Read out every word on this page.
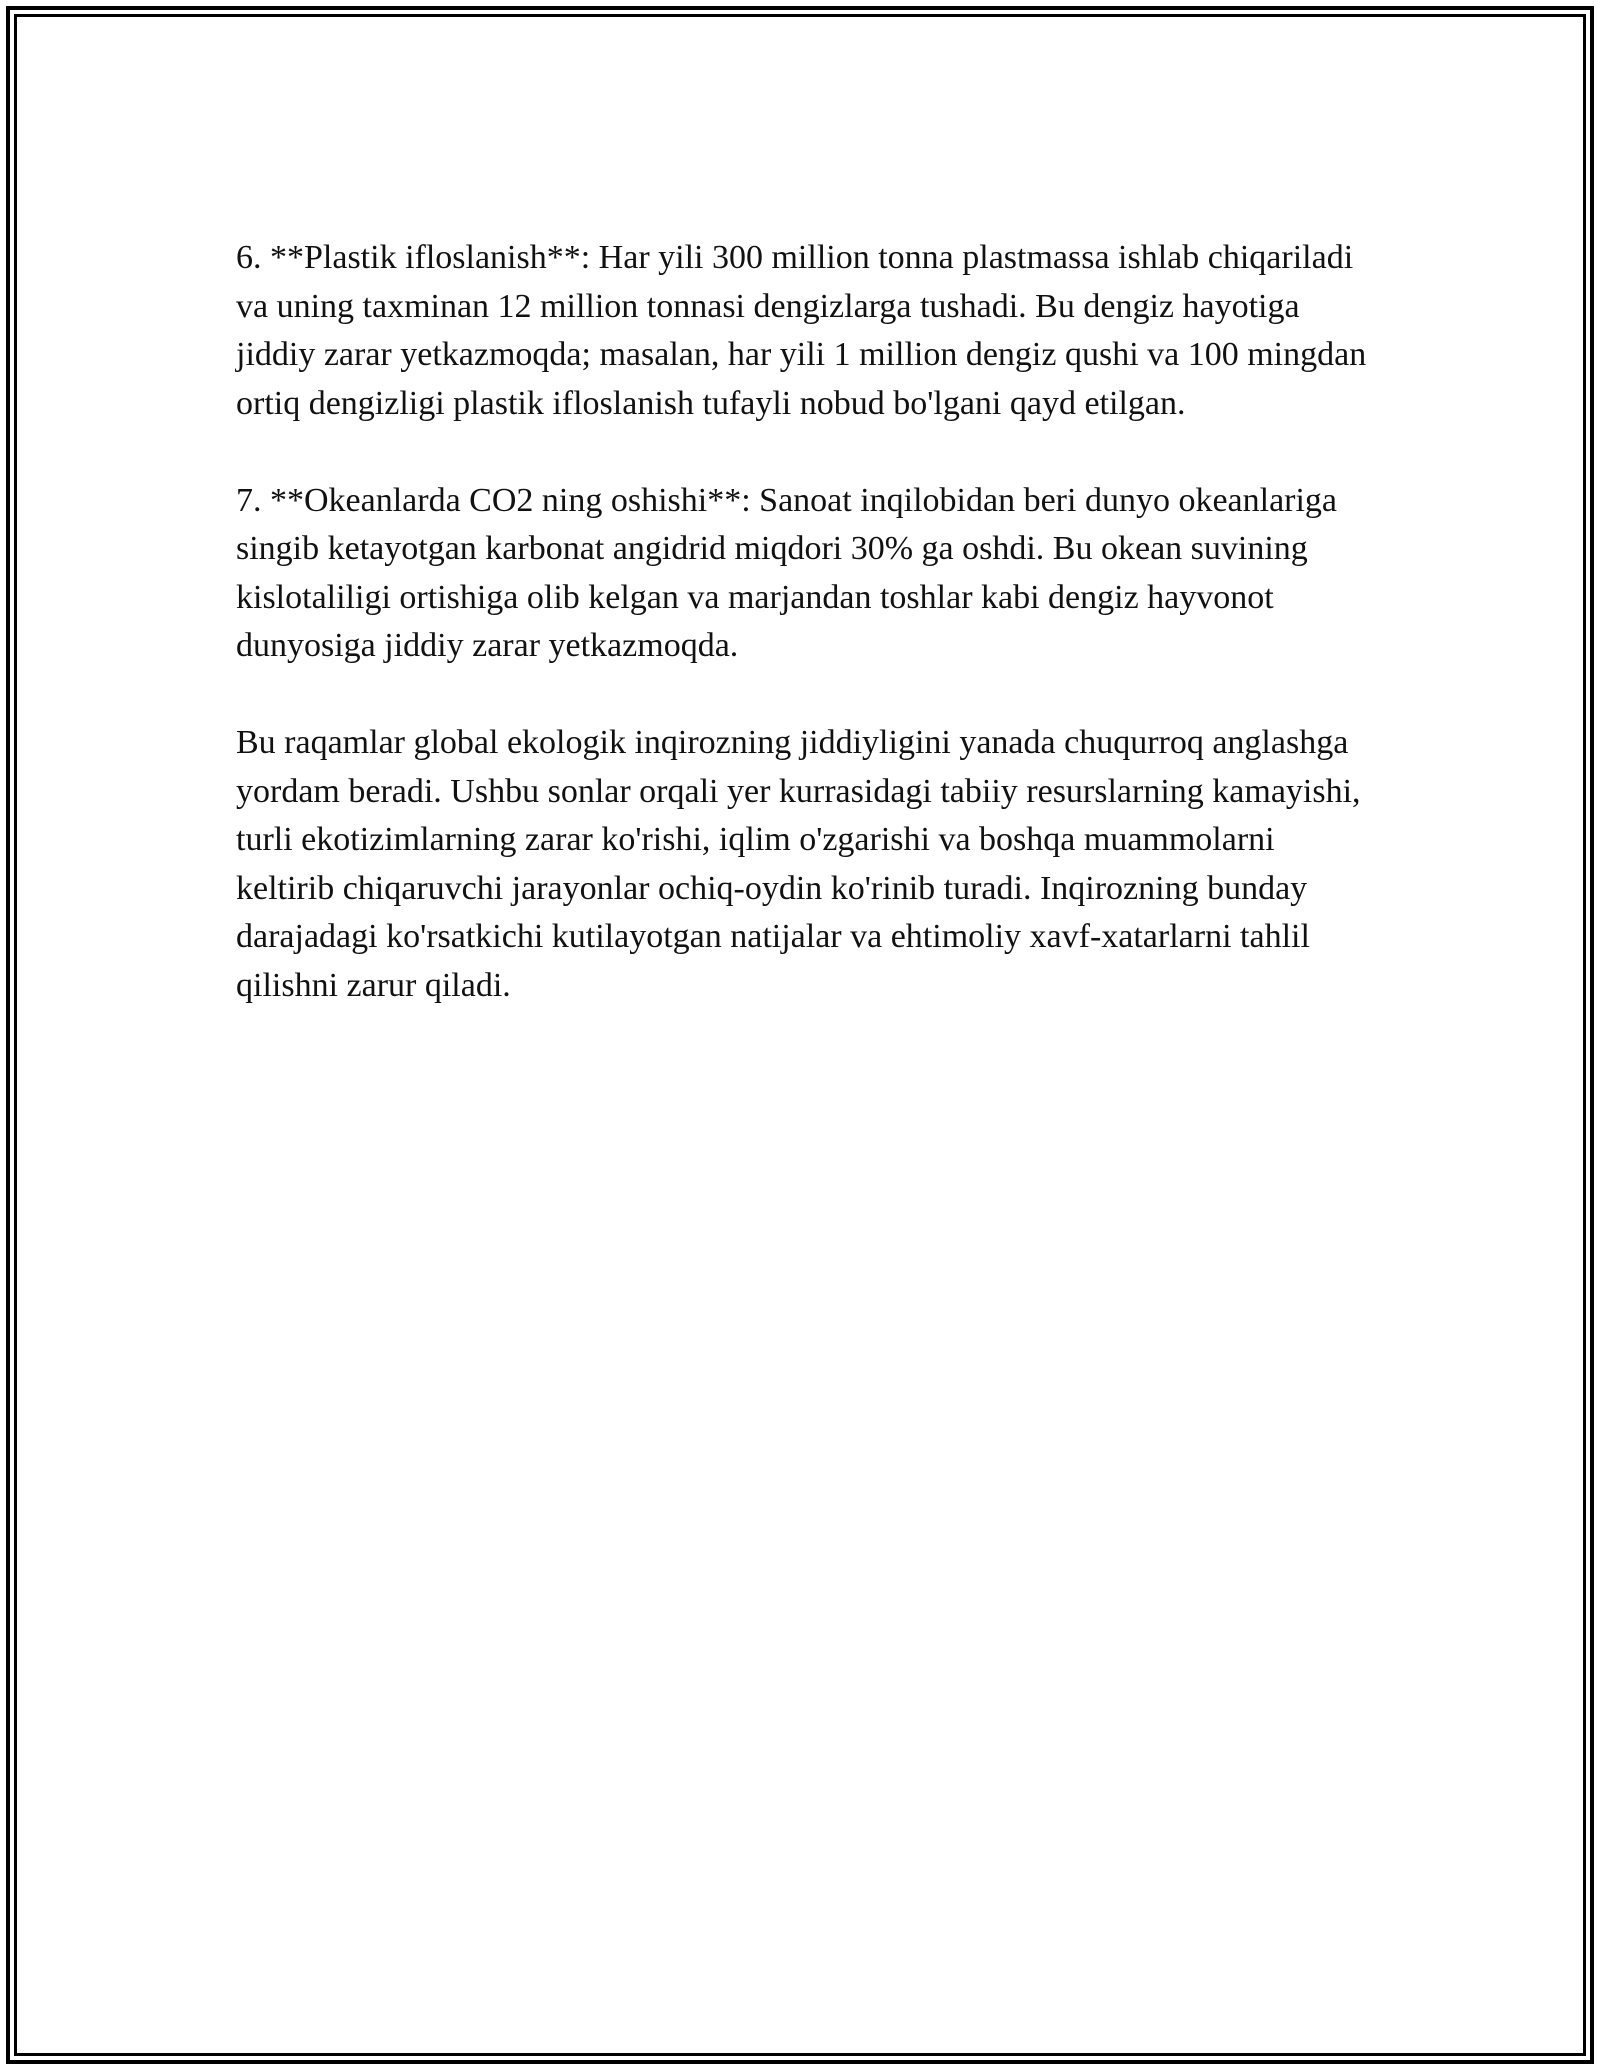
6. **Plastik ifloslanish**: Har yili 300 million tonna plastmassa ishlab chiqariladi va uning taxminan 12 million tonnasi dengizlarga tushadi. Bu dengiz hayotiga jiddiy zarar yetkazmoqda; masalan, har yili 1 million dengiz qushi va 100 mingdan ortiq dengizligi plastik ifloslanish tufayli nobud bo'lgani qayd etilgan.

7. **Okeanlarda CO2 ning oshishi**: Sanoat inqilobidan beri dunyo okeanlariga singib ketayotgan karbonat angidrid miqdori 30% ga oshdi. Bu okean suvining kislotaliligi ortishiga olib kelgan va marjandan toshlar kabi dengiz hayvonot dunyosiga jiddiy zarar yetkazmoqda.

Bu raqamlar global ekologik inqirozning jiddiyligini yanada chuqurroq anglashga yordam beradi. Ushbu sonlar orqali yer kurrasidagi tabiiy resurslarning kamayishi, turli ekotizimlarning zarar ko'rishi, iqlim o'zgarishi va boshqa muammolarni keltirib chiqaruvchi jarayonlar ochiq-oydin ko'rinib turadi. Inqirozning bunday darajadagi ko'rsatkichi kutilayotgan natijalar va ehtimoliy xavf-xatarlarni tahlil qilishni zarur qiladi.
